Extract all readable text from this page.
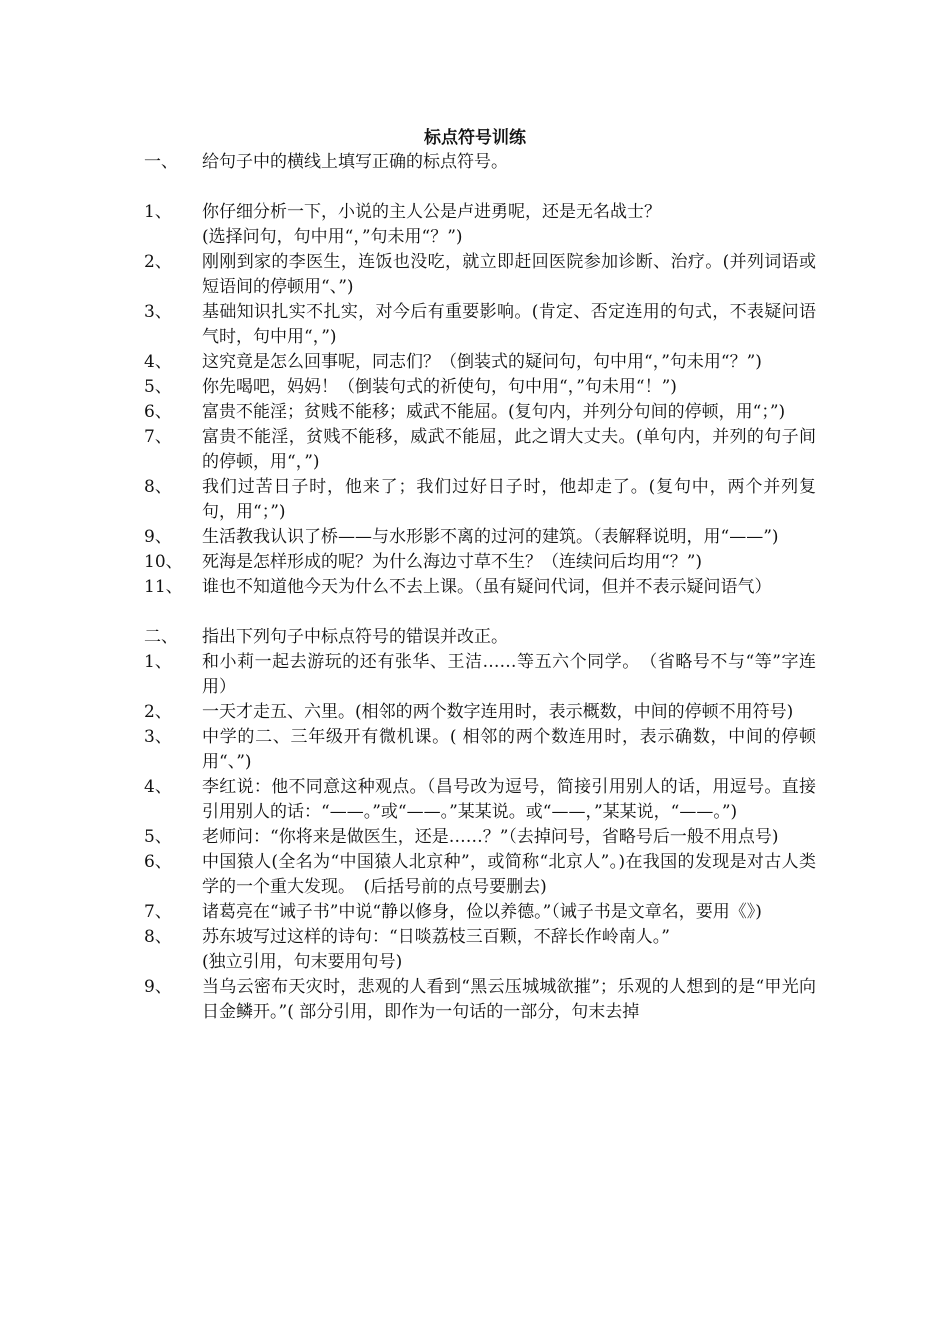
标点符号训练
一、	给句子中的横线上填写正确的标点符号。
1、	你仔细分析一下，小说的主人公是卢进勇呢，还是无名战士？
(选择问句，句中用“，”句未用“？”)
2、	刚刚到家的李医生，连饭也没吃，就立即赶回医院参加诊断、治疗。(并列词语或短语间的停顿用“、”)
3、	基础知识扎实不扎实，对今后有重要影响。(肯定、否定连用的句式，不表疑问语气时，句中用“，”)
4、	这究竟是怎么回事呢，同志们？（倒装式的疑问句，句中用“，”句未用“？”)
5、	你先喝吧，妈妈！（倒装句式的祈使句，句中用“，”句未用“！”)
6、	富贵不能淫；贫贱不能移；威武不能屈。(复句内，并列分句间的停顿，用“；”)
7、	富贵不能淫，贫贱不能移，威武不能屈，此之谓大丈夫。(单句内，并列的句子间的停顿，用“，”)
8、	我们过苦日子时，他来了；我们过好日子时，他却走了。(复句中，两个并列复句，用“；”)
9、	生活教我认识了桥——与水形影不离的过河的建筑。（表解释说明，用“——”)
10、	死海是怎样形成的呢？为什么海边寸草不生？（连续问后均用“？”)
11、	谁也不知道他今天为什么不去上课。（虽有疑问代词，但并不表示疑问语气）
二、	指出下列句子中标点符号的错误并改正。
1、	和小莉一起去游玩的还有张华、王洁……等五六个同学。　（省略号不与“等”字连用）
2、	一天才走五、六里。(相邻的两个数字连用时，表示概数，中间的停顿不用符号)
3、	中学的二、三年级开有微机课。( 相邻的两个数连用时，表示确数，中间的停顿用“、”)
4、	李红说：他不同意这种观点。（昌号改为逗号，简接引用别人的话，用逗号。直接引用别人的话：“——。”或“——。”某某说。或“——，”某某说，“——。”)
5、	老师问：“你将来是做医生，还是……？”（去掉问号，省略号后一般不用点号)
6、	中国猿人(全名为“中国猿人北京种”，或简称“北京人”。)在我国的发现是对古人类学的一个重大发现。　(后括号前的点号要删去)
7、	诸葛亮在“诫子书”中说“静以修身，俭以养德。”（诫子书是文章名，要用《》)
8、	苏东坡写过这样的诗句：“日啖荔枝三百颗，不辞长作岭南人。”
(独立引用，句末要用句号)
9、	当乌云密布天灾时，悲观的人看到“黑云压城城欲摧”；乐观的人想到的是“甲光向日金鳞开。”( 部分引用，即作为一句话的一部分，句末去掉
